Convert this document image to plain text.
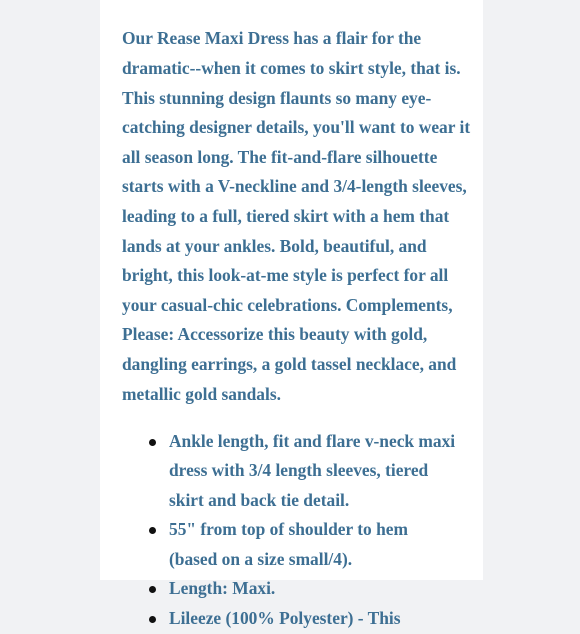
Our Rease Maxi Dress has a flair for the
dramatic--when it comes to skirt style, that is.
This stunning design flaunts so many eye-
catching designer details, you'll want to wear it
all season long. The fit-and-flare silhouette
starts with a V-neckline and 3/4-length sleeves,
leading to a full, tiered skirt with a hem that
lands at your ankles. Bold, beautiful, and
bright, this look-at-me style is perfect for all
your casual-chic celebrations. Complements,
Please: Accessorize this beauty with gold,
dangling earrings, a gold tassel necklace, and
metallic gold sandals.

Ankle length, fit and flare v-neck maxi
dress with 3/4 length sleeves, tiered
skirt and back tie detail.
55" from top of shoulder to hem
(based on a size small/4).
Length: Maxi.
Lileeze (100% Polyester) - This
